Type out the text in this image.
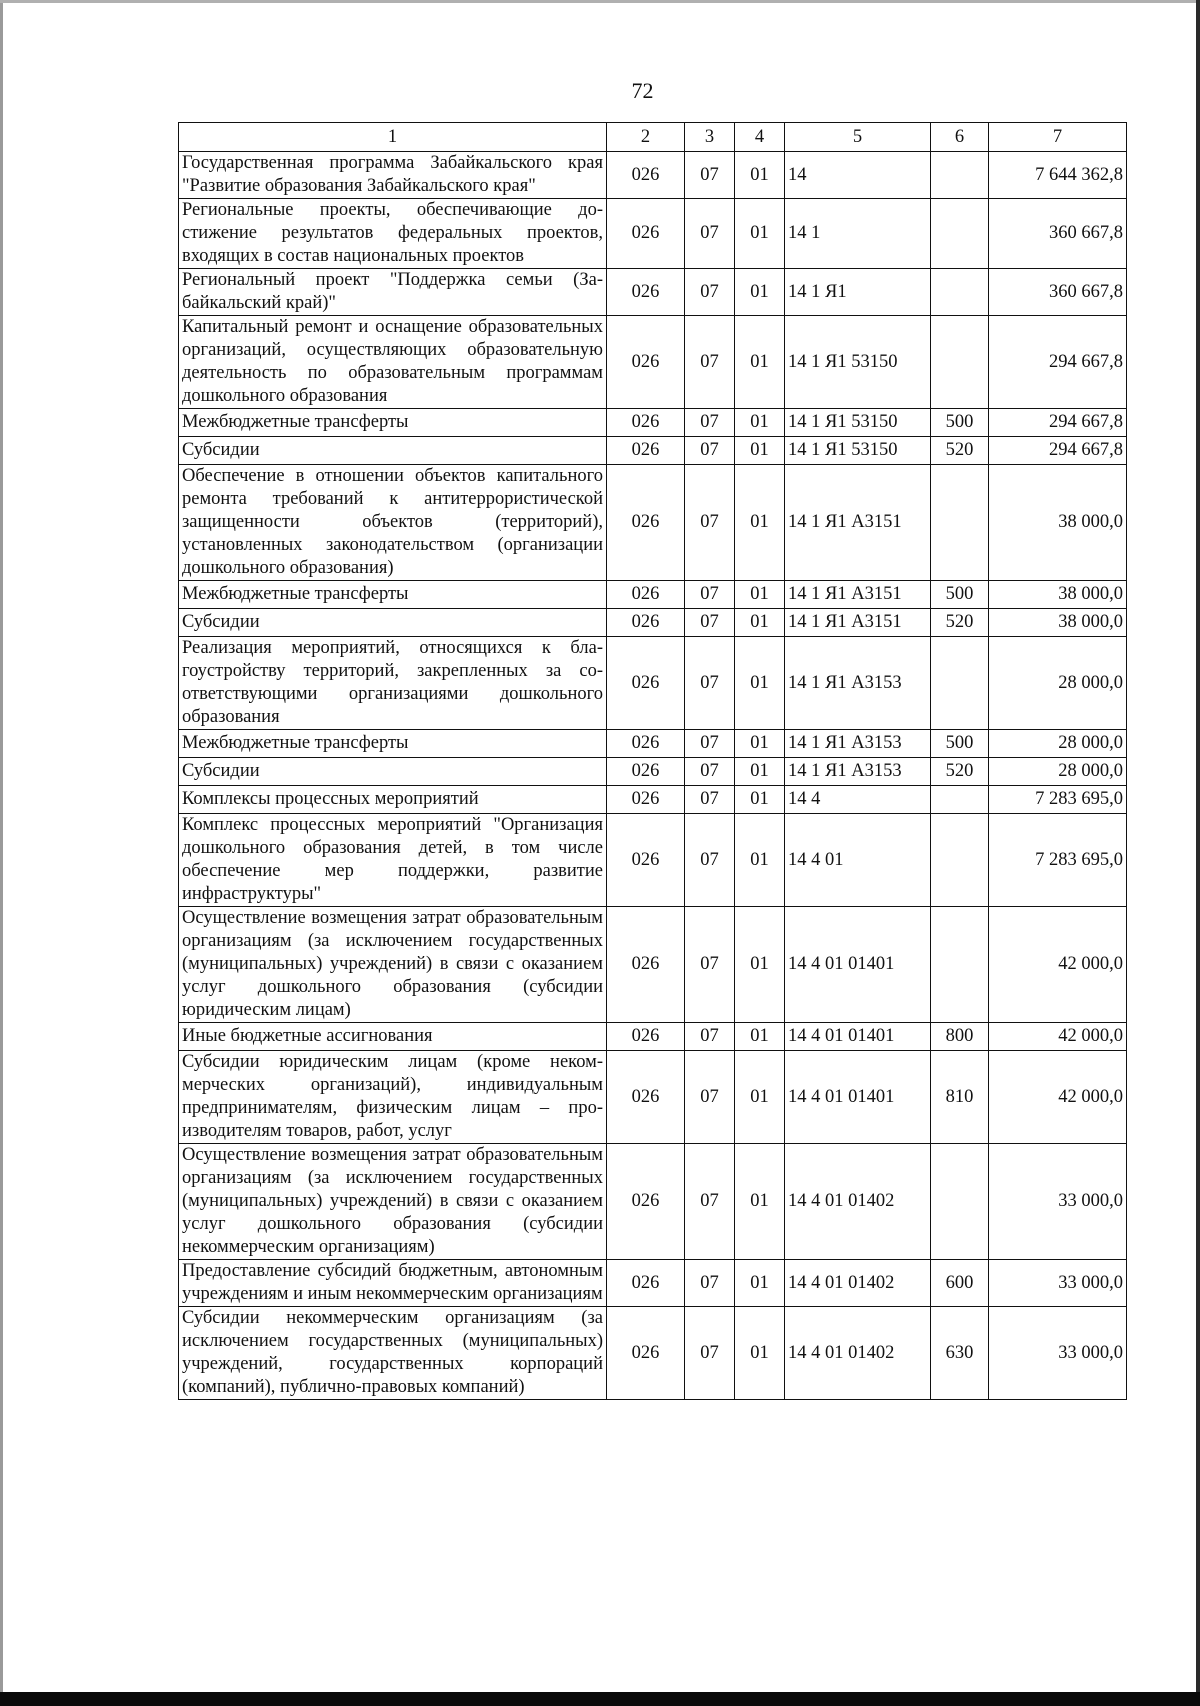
72
1	2	3	4	5	6	7
Государственная программа Забайкальского края "Развитие образования Забайкальского края"	026	07	01	14		7 644 362,8
Региональные проекты, обеспечивающие достижение результатов федеральных проектов, входящих в состав национальных проектов	026	07	01	14 1		360 667,8
Региональный проект "Поддержка семьи (Забайкальский край)"	026	07	01	14 1 Я1		360 667,8
Капитальный ремонт и оснащение образовательных организаций, осуществляющих образовательную деятельность по образовательным программам дошкольного образования	026	07	01	14 1 Я1 53150		294 667,8
Межбюджетные трансферты	026	07	01	14 1 Я1 53150	500	294 667,8
Субсидии	026	07	01	14 1 Я1 53150	520	294 667,8
Обеспечение в отношении объектов капитального ремонта требований к антитеррористической защищенности объектов (территорий), установленных законодательством (организации дошкольного образования)	026	07	01	14 1 Я1 А3151		38 000,0
Межбюджетные трансферты	026	07	01	14 1 Я1 А3151	500	38 000,0
Субсидии	026	07	01	14 1 Я1 А3151	520	38 000,0
Реализация мероприятий, относящихся к благоустройству территорий, закрепленных за соответствующими организациями дошкольного образования	026	07	01	14 1 Я1 А3153		28 000,0
Межбюджетные трансферты	026	07	01	14 1 Я1 А3153	500	28 000,0
Субсидии	026	07	01	14 1 Я1 А3153	520	28 000,0
Комплексы процессных мероприятий	026	07	01	14 4		7 283 695,0
Комплекс процессных мероприятий "Организация дошкольного образования детей, в том числе обеспечение мер поддержки, развитие инфраструктуры"	026	07	01	14 4 01		7 283 695,0
Осуществление возмещения затрат образовательным организациям (за исключением государственных (муниципальных) учреждений) в связи с оказанием услуг дошкольного образования (субсидии юридическим лицам)	026	07	01	14 4 01 01401		42 000,0
Иные бюджетные ассигнования	026	07	01	14 4 01 01401	800	42 000,0
Субсидии юридическим лицам (кроме некоммерческих организаций), индивидуальным предпринимателям, физическим лицам – производителям товаров, работ, услуг	026	07	01	14 4 01 01401	810	42 000,0
Осуществление возмещения затрат образовательным организациям (за исключением государственных (муниципальных) учреждений) в связи с оказанием услуг дошкольного образования (субсидии некоммерческим организациям)	026	07	01	14 4 01 01402		33 000,0
Предоставление субсидий бюджетным, автономным учреждениям и иным некоммерческим организациям	026	07	01	14 4 01 01402	600	33 000,0
Субсидии некоммерческим организациям (за исключением государственных (муниципальных) учреждений, государственных корпораций (компаний), публично-правовых компаний)	026	07	01	14 4 01 01402	630	33 000,0
